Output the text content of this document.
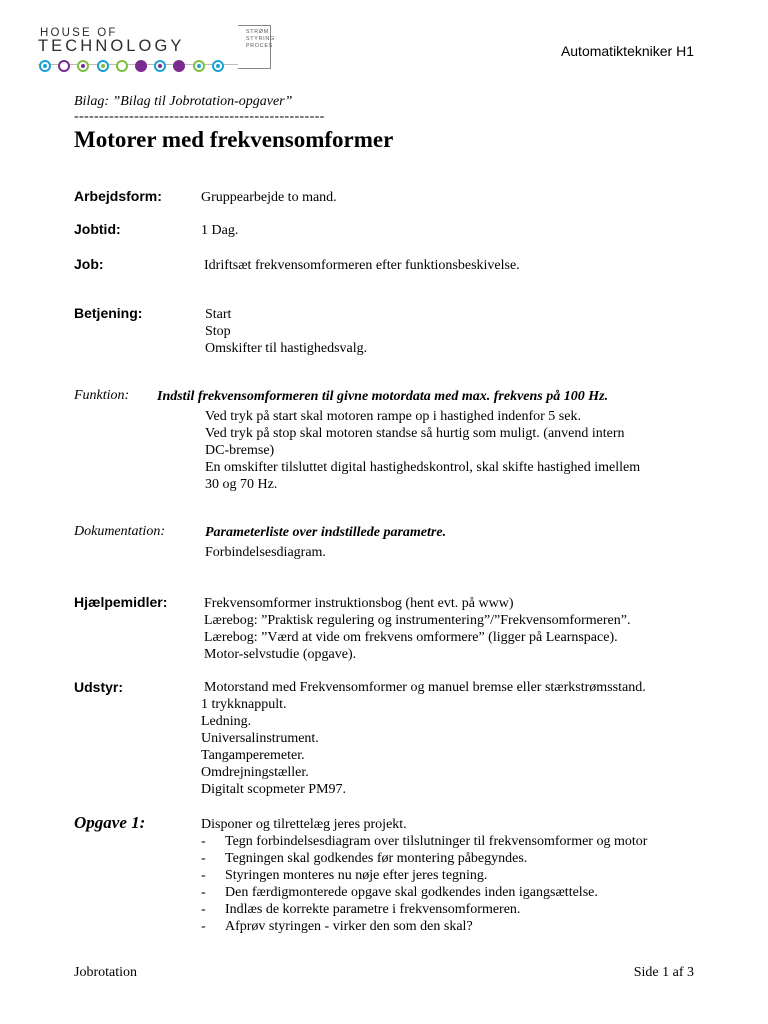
HOUSE OF
TECHNOLOGY
STRØM
STYRING
PROCES	Automatiktekniker H1
Bilag: ”Bilag til Jobrotation-opgaver”
--------------------------------------------------
Motorer med frekvensomformer
Arbejdsform:	Gruppearbejde to mand.
Jobtid:	1 Dag.
Job:	Idriftsæt frekvensomformeren efter funktionsbeskivelse.
Betjening:	Start
Stop
Omskifter til hastighedsvalg.
Funktion: Indstil frekvensomformeren til givne motordata med max. frekvens på 100 Hz.
Ved tryk på start skal motoren rampe op i hastighed indenfor 5 sek.
Ved tryk på stop skal motoren standse så hurtig som muligt. (anvend intern
DC-bremse)
En omskifter tilsluttet digital hastighedskontrol, skal skifte hastighed imellem
30 og 70 Hz.
Dokumentation:	Parameterliste over indstillede parametre.
Forbindelsesdiagram.
Hjælpemidler:	Frekvensomformer instruktionsbog (hent evt. på www)
Lærebog: ”Praktisk regulering og instrumentering”/”Frekvensomformeren”.
Lærebog: ”Værd at vide om frekvens omformere” (ligger på Learnspace).
Motor-selvstudie (opgave).
Udstyr:	Motorstand med Frekvensomformer og manuel bremse eller stærkstrømsstand.
1 trykknappult.
Ledning.
Universalinstrument.
Tangamperemeter.
Omdrejningstæller.
Digitalt scopmeter PM97.
Opgave 1:	Disponer og tilrettelæg jeres projekt.
- Tegn forbindelsesdiagram over tilslutninger til frekvensomformer og motor
- Tegningen skal godkendes før montering påbegyndes.
- Styringen monteres nu nøje efter jeres tegning.
- Den færdigmonterede opgave skal godkendes inden igangsættelse.
- Indlæs de korrekte parametre i frekvensomformeren.
- Afprøv styringen - virker den som den skal?
Jobrotation	Side 1 af 3
